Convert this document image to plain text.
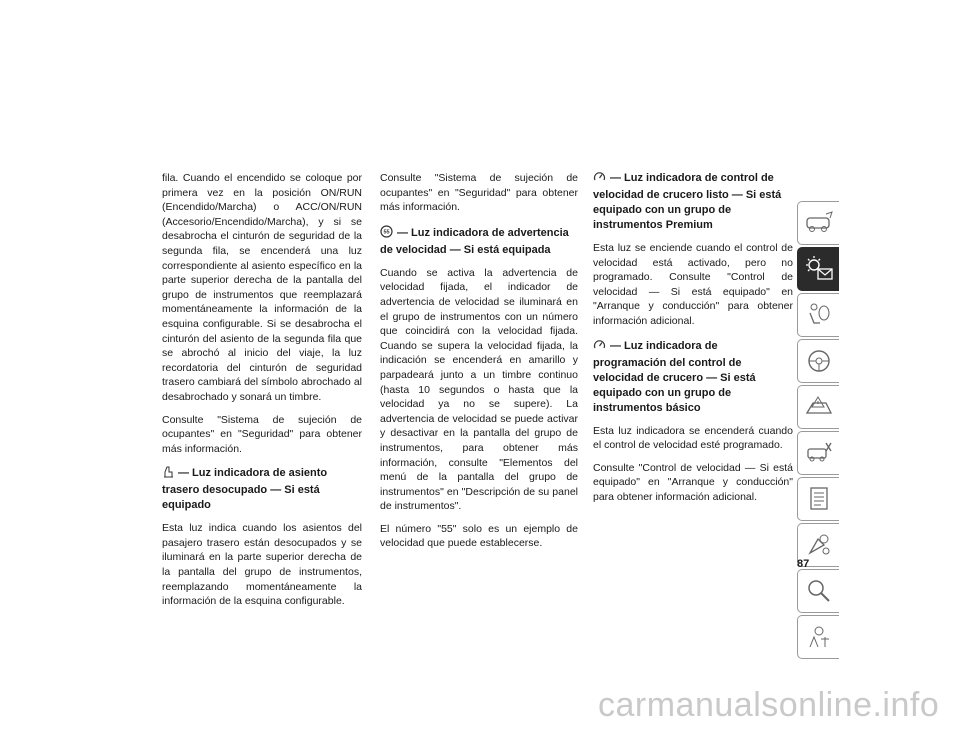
fila. Cuando el encendido se coloque por primera vez en la posición ON/RUN (Encendido/Marcha) o ACC/ON/RUN (Accesorio/Encendido/Marcha), y si se desabrocha el cinturón de seguridad de la segunda fila, se encenderá una luz correspondiente al asiento específico en la parte superior derecha de la pantalla del grupo de instrumentos que reemplazará momentáneamente la información de la esquina configurable. Si se desabrocha el cinturón del asiento de la segunda fila que se abrochó al inicio del viaje, la luz recordatoria del cinturón de seguridad trasero cambiará del símbolo abrochado al desabrochado y sonará un timbre.

Consulte "Sistema de sujeción de ocupantes" en "Seguridad" para obtener más información.

— Luz indicadora de asiento trasero desocupado — Si está equipado

Esta luz indica cuando los asientos del pasajero trasero están desocupados y se iluminará en la parte superior derecha de la pantalla del grupo de instrumentos, reemplazando momentáneamente la información de la esquina configurable.

Consulte "Sistema de sujeción de ocupantes" en "Seguridad" para obtener más información.

55 — Luz indicadora de advertencia de velocidad — Si está equipada

Cuando se activa la advertencia de velocidad fijada, el indicador de advertencia de velocidad se iluminará en el grupo de instrumentos con un número que coincidirá con la velocidad fijada. Cuando se supera la velocidad fijada, la indicación se encenderá en amarillo y parpadeará junto a un timbre continuo (hasta 10 segundos o hasta que la velocidad ya no se supere). La advertencia de velocidad se puede activar y desactivar en la pantalla del grupo de instrumentos, para obtener más información, consulte "Elementos del menú de la pantalla del grupo de instrumentos" en "Descripción de su panel de instrumentos".

El número "55" solo es un ejemplo de velocidad que puede establecerse.

— Luz indicadora de control de velocidad de crucero listo — Si está equipado con un grupo de instrumentos Premium

Esta luz se enciende cuando el control de velocidad está activado, pero no programado. Consulte "Control de velocidad — Si está equipado" en "Arranque y conducción" para obtener información adicional.

— Luz indicadora de programación del control de velocidad de crucero — Si está equipado con un grupo de instrumentos básico

Esta luz indicadora se encenderá cuando el control de velocidad esté programado.

Consulte "Control de velocidad — Si está equipado" en "Arranque y conducción" para obtener información adicional.

87
carmanualsonline.info
